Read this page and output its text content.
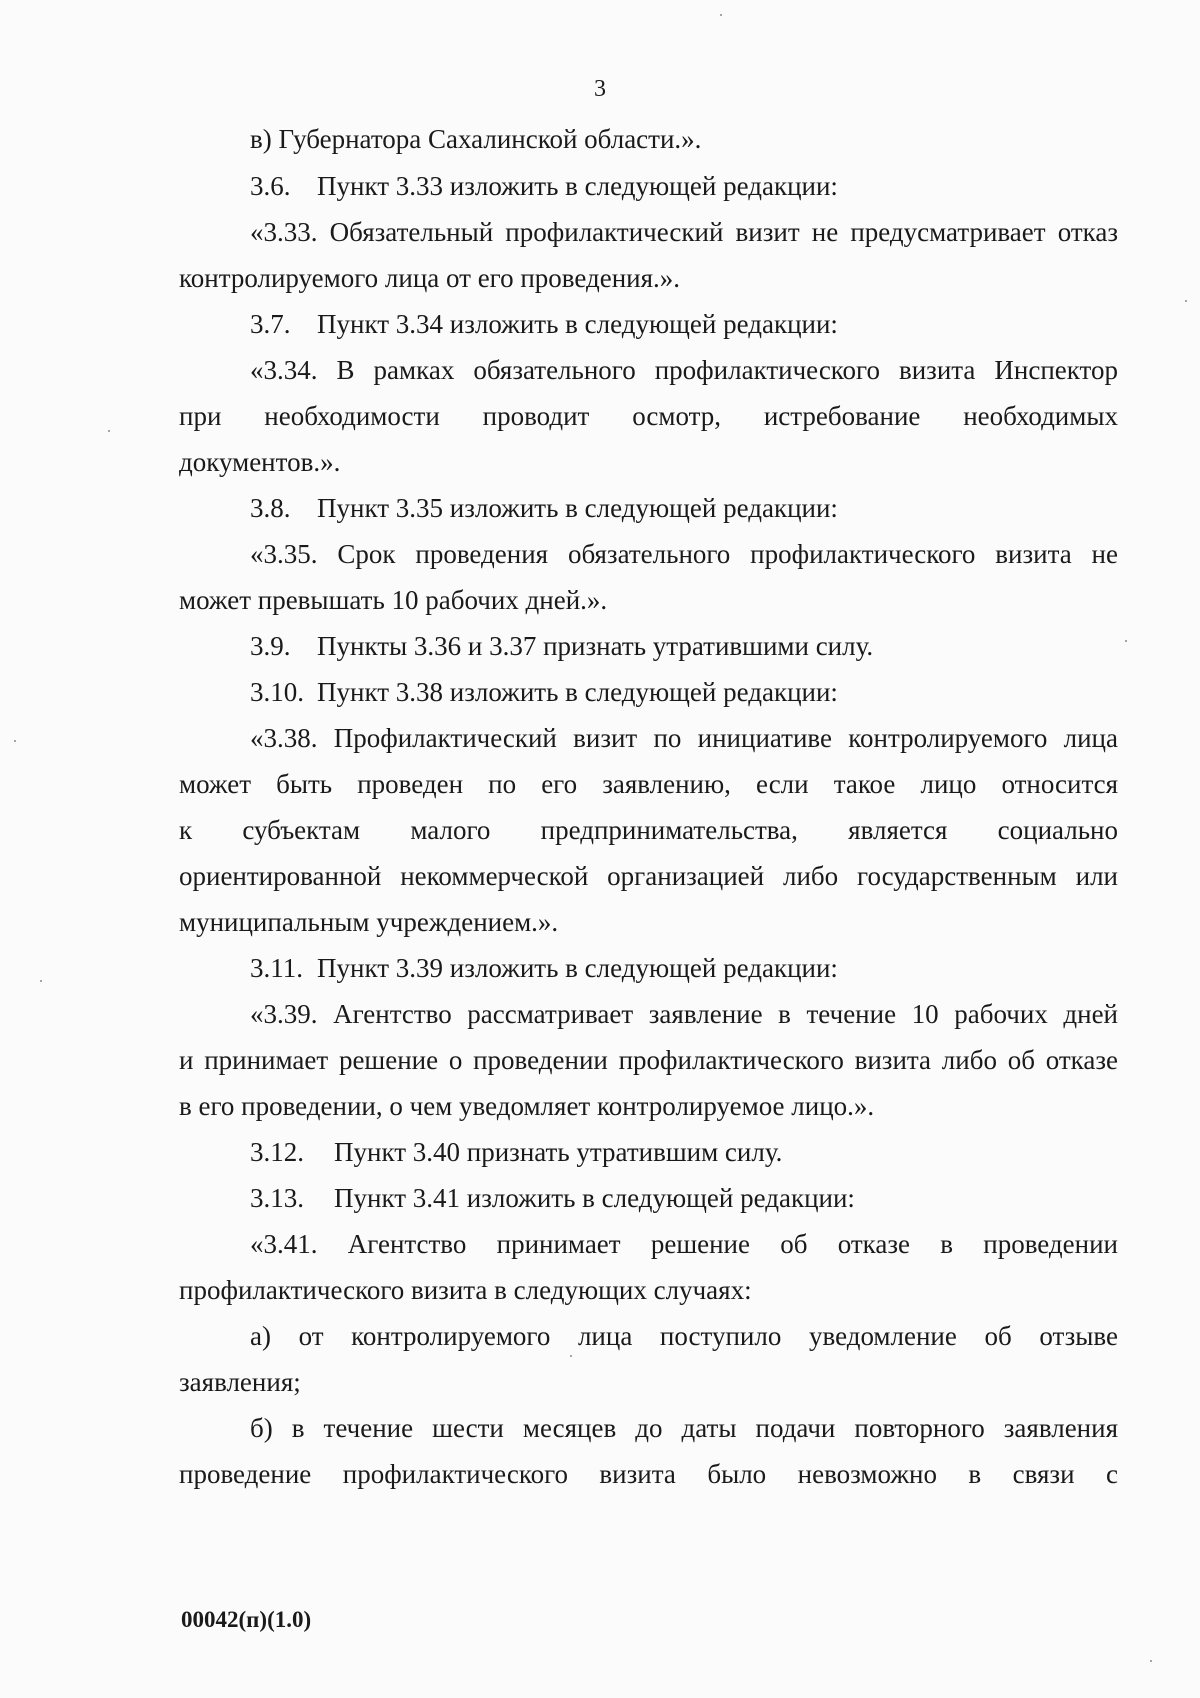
3
в) Губернатора Сахалинской области.».
3.6. Пункт 3.33 изложить в следующей редакции:
«3.33. Обязательный профилактический визит не предусматривает отказ
контролируемого лица от его проведения.».
3.7. Пункт 3.34 изложить в следующей редакции:
«3.34. В рамках обязательного профилактического визита Инспектор
при необходимости проводит осмотр, истребование необходимых
документов.».
3.8. Пункт 3.35 изложить в следующей редакции:
«3.35. Срок проведения обязательного профилактического визита не
может превышать 10 рабочих дней.».
3.9. Пункты 3.36 и 3.37 признать утратившими силу.
3.10. Пункт 3.38 изложить в следующей редакции:
«3.38. Профилактический визит по инициативе контролируемого лица
может быть проведен по его заявлению, если такое лицо относится
к субъектам малого предпринимательства, является социально
ориентированной некоммерческой организацией либо государственным или
муниципальным учреждением.».
3.11. Пункт 3.39 изложить в следующей редакции:
«3.39. Агентство рассматривает заявление в течение 10 рабочих дней
и принимает решение о проведении профилактического визита либо об отказе
в его проведении, о чем уведомляет контролируемое лицо.».
3.12. Пункт 3.40 признать утратившим силу.
3.13. Пункт 3.41 изложить в следующей редакции:
«3.41. Агентство принимает решение об отказе в проведении
профилактического визита в следующих случаях:
а) от контролируемого лица поступило уведомление об отзыве
заявления;
б) в течение шести месяцев до даты подачи повторного заявления
проведение профилактического визита было невозможно в связи с
00042(п)(1.0)
